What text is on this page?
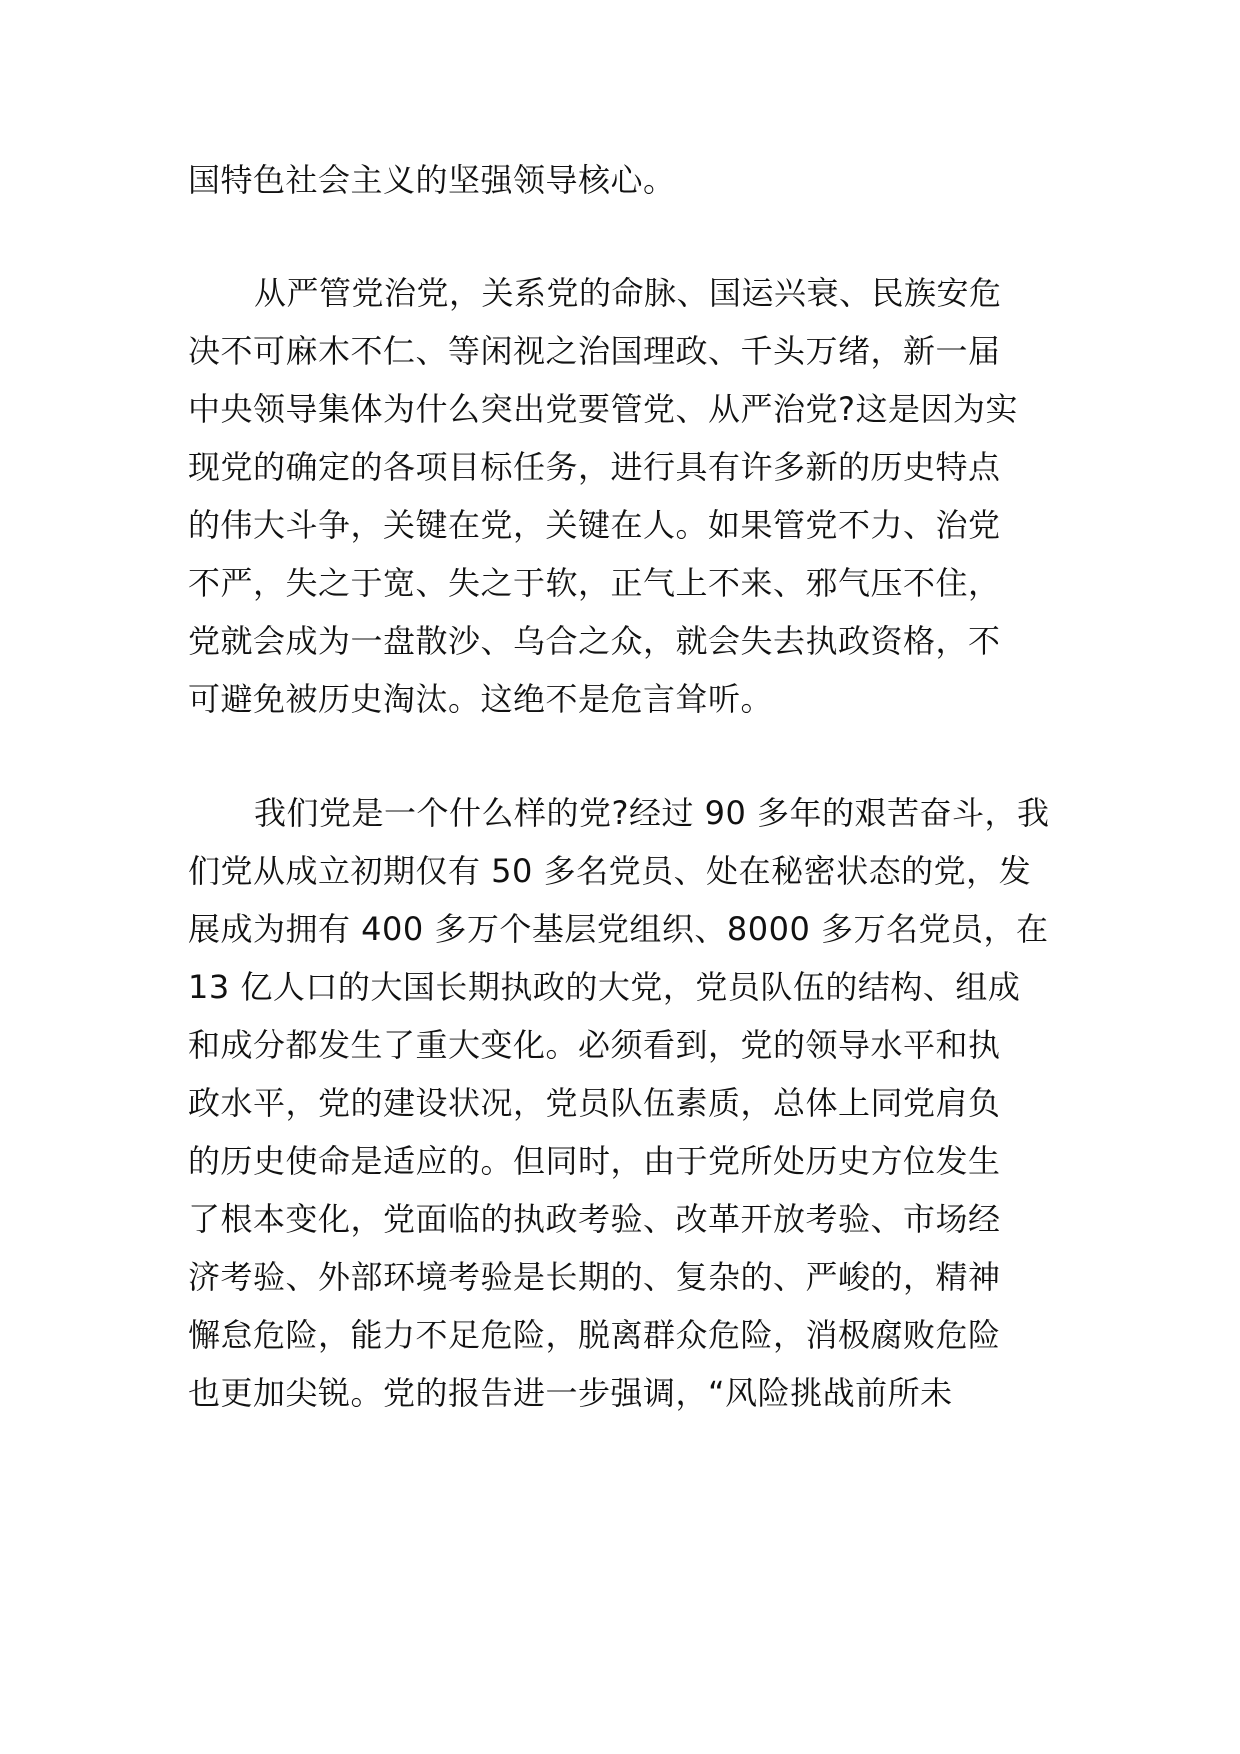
国特色社会主义的坚强领导核心。
从严管党治党，关系党的命脉、国运兴衰、民族安危
决不可麻木不仁、等闲视之治国理政、千头万绪，新一届
中央领导集体为什么突出党要管党、从严治党?这是因为实
现党的确定的各项目标任务，进行具有许多新的历史特点
的伟大斗争，关键在党，关键在人。如果管党不力、治党
不严，失之于宽、失之于软，正气上不来、邪气压不住，
党就会成为一盘散沙、乌合之众，就会失去执政资格，不
可避免被历史淘汰。这绝不是危言耸听。
我们党是一个什么样的党?经过 90 多年的艰苦奋斗，我
们党从成立初期仅有 50 多名党员、处在秘密状态的党，发
展成为拥有 400 多万个基层党组织、8000 多万名党员，在
13 亿人口的大国长期执政的大党，党员队伍的结构、组成
和成分都发生了重大变化。必须看到，党的领导水平和执
政水平，党的建设状况，党员队伍素质，总体上同党肩负
的历史使命是适应的。但同时，由于党所处历史方位发生
了根本变化，党面临的执政考验、改革开放考验、市场经
济考验、外部环境考验是长期的、复杂的、严峻的，精神
懈怠危险，能力不足危险，脱离群众危险，消极腐败危险
也更加尖锐。党的报告进一步强调，“风险挑战前所未
